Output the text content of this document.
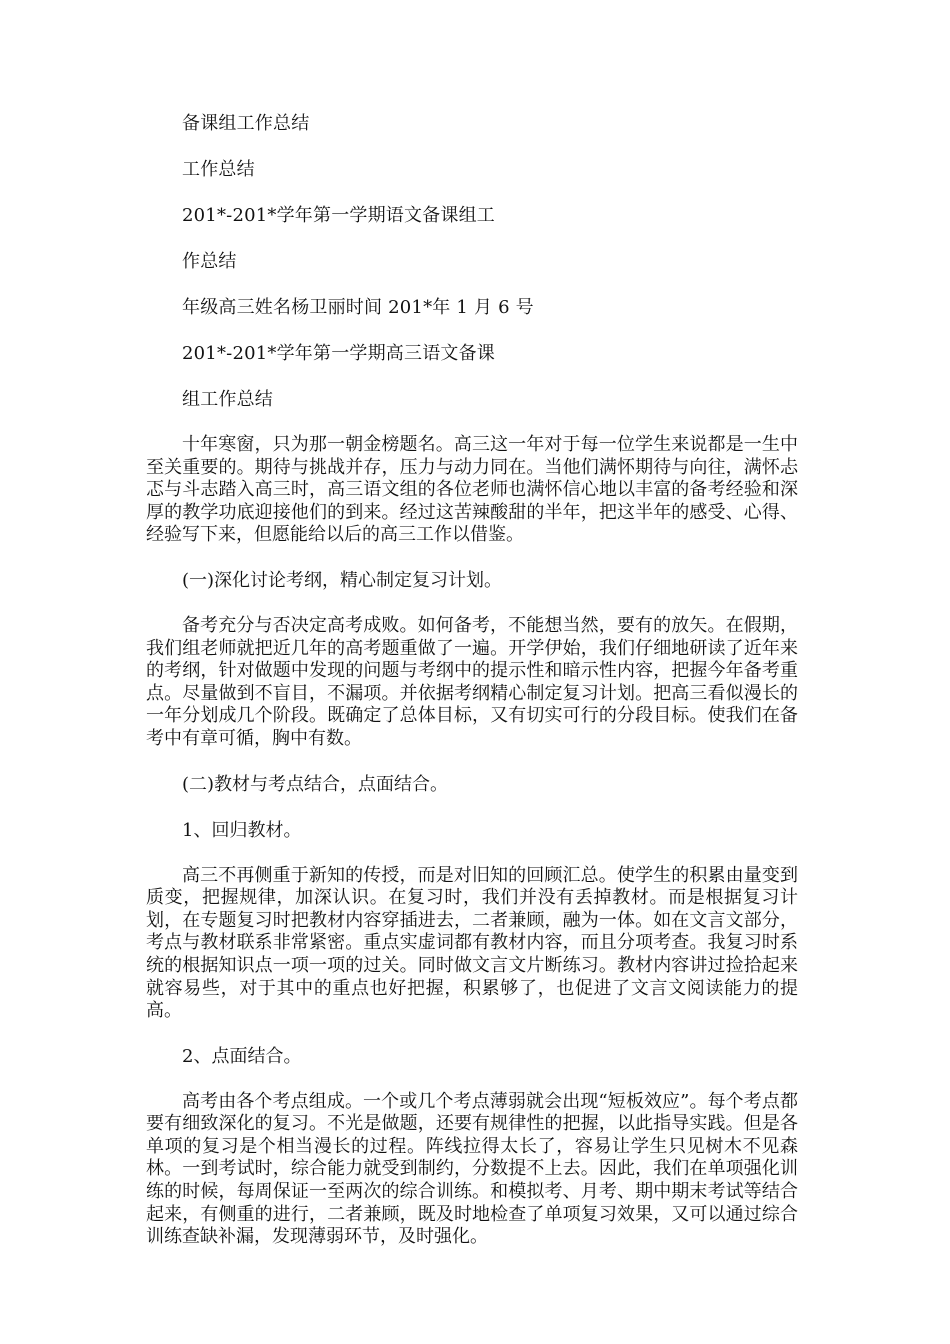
备课组工作总结

工作总结

201*-201*学年第一学期语文备课组工

作总结

年级高三姓名杨卫丽时间 201*年 1 月 6 号

201*-201*学年第一学期高三语文备课

组工作总结

十年寒窗，只为那一朝金榜题名。高三这一年对于每一位学生来说都是一生中至关重要的。期待与挑战并存，压力与动力同在。当他们满怀期待与向往，满怀忐忑与斗志踏入高三时，高三语文组的各位老师也满怀信心地以丰富的备考经验和深厚的教学功底迎接他们的到来。经过这苦辣酸甜的半年，把这半年的感受、心得、经验写下来，但愿能给以后的高三工作以借鉴。

(一)深化讨论考纲，精心制定复习计划。

备考充分与否决定高考成败。如何备考，不能想当然，要有的放矢。在假期，我们组老师就把近几年的高考题重做了一遍。开学伊始，我们仔细地研读了近年来的考纲，针对做题中发现的问题与考纲中的提示性和暗示性内容，把握今年备考重点。尽量做到不盲目，不漏项。并依据考纲精心制定复习计划。把高三看似漫长的一年分划成几个阶段。既确定了总体目标，又有切实可行的分段目标。使我们在备考中有章可循，胸中有数。

(二)教材与考点结合，点面结合。

1、回归教材。

高三不再侧重于新知的传授，而是对旧知的回顾汇总。使学生的积累由量变到质变，把握规律，加深认识。在复习时，我们并没有丢掉教材。而是根据复习计划，在专题复习时把教材内容穿插进去，二者兼顾，融为一体。如在文言文部分，考点与教材联系非常紧密。重点实虚词都有教材内容，而且分项考查。我复习时系统的根据知识点一项一项的过关。同时做文言文片断练习。教材内容讲过捡拾起来就容易些，对于其中的重点也好把握，积累够了，也促进了文言文阅读能力的提高。

2、点面结合。

高考由各个考点组成。一个或几个考点薄弱就会出现“短板效应”。每个考点都要有细致深化的复习。不光是做题，还要有规律性的把握，以此指导实践。但是各单项的复习是个相当漫长的过程。阵线拉得太长了，容易让学生只见树木不见森林。一到考试时，综合能力就受到制约，分数提不上去。因此，我们在单项强化训练的时候，每周保证一至两次的综合训练。和模拟考、月考、期中期末考试等结合起来，有侧重的进行，二者兼顾，既及时地检查了单项复习效果，又可以通过综合训练查缺补漏，发现薄弱环节，及时强化。
